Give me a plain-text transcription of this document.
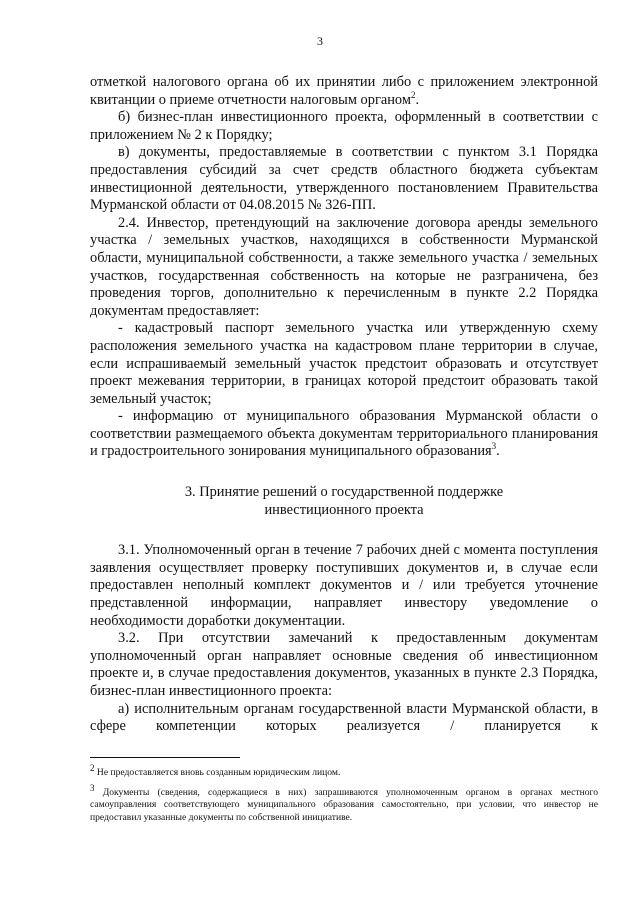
3

отметкой налогового органа об их принятии либо с приложением электронной квитанции о приеме отчетности налоговым органом$^2$.

б) бизнес-план инвестиционного проекта, оформленный в соответствии с приложением № 2 к Порядку;

в) документы, предоставляемые в соответствии с пунктом 3.1 Порядка предоставления субсидий за счет средств областного бюджета субъектам инвестиционной деятельности, утвержденного постановлением Правительства Мурманской области от 04.08.2015 № 326-ПП.

2.4. Инвестор, претендующий на заключение договора аренды земельного участка / земельных участков, находящихся в собственности Мурманской области, муниципальной собственности, а также земельного участка / земельных участков, государственная собственность на которые не разграничена, без проведения торгов, дополнительно к перечисленным в пункте 2.2 Порядка документам предоставляет:

- кадастровый паспорт земельного участка или утвержденную схему расположения земельного участка на кадастровом плане территории в случае, если испрашиваемый земельный участок предстоит образовать и отсутствует проект межевания территории, в границах которой предстоит образовать такой земельный участок;

- информацию от муниципального образования Мурманской области о соответствии размещаемого объекта документам территориального планирования и градостроительного зонирования муниципального образования$^3$.

3. Принятие решений о государственной поддержке

инвестиционного проекта

3.1. Уполномоченный орган в течение 7 рабочих дней с момента поступления заявления осуществляет проверку поступивших документов и, в случае если предоставлен неполный комплект документов и / или требуется уточнение представленной информации, направляет инвестору уведомление о необходимости доработки документации.

3.2. При отсутствии замечаний к предоставленным документам уполномоченный орган направляет основные сведения об инвестиционном проекте и, в случае предоставления документов, указанных в пункте 2.3 Порядка, бизнес-план инвестиционного проекта:

а) исполнительным органам государственной власти Мурманской области, в сфере компетенции которых реализуется / планируется к

$^2$ Не предоставляется вновь созданным юридическим лицом.

$^3$ Документы (сведения, содержащиеся в них) запрашиваются уполномоченным органом в органах местного самоуправления соответствующего муниципального образования самостоятельно, при условии, что инвестор не предоставил указанные документы по собственной инициативе.
